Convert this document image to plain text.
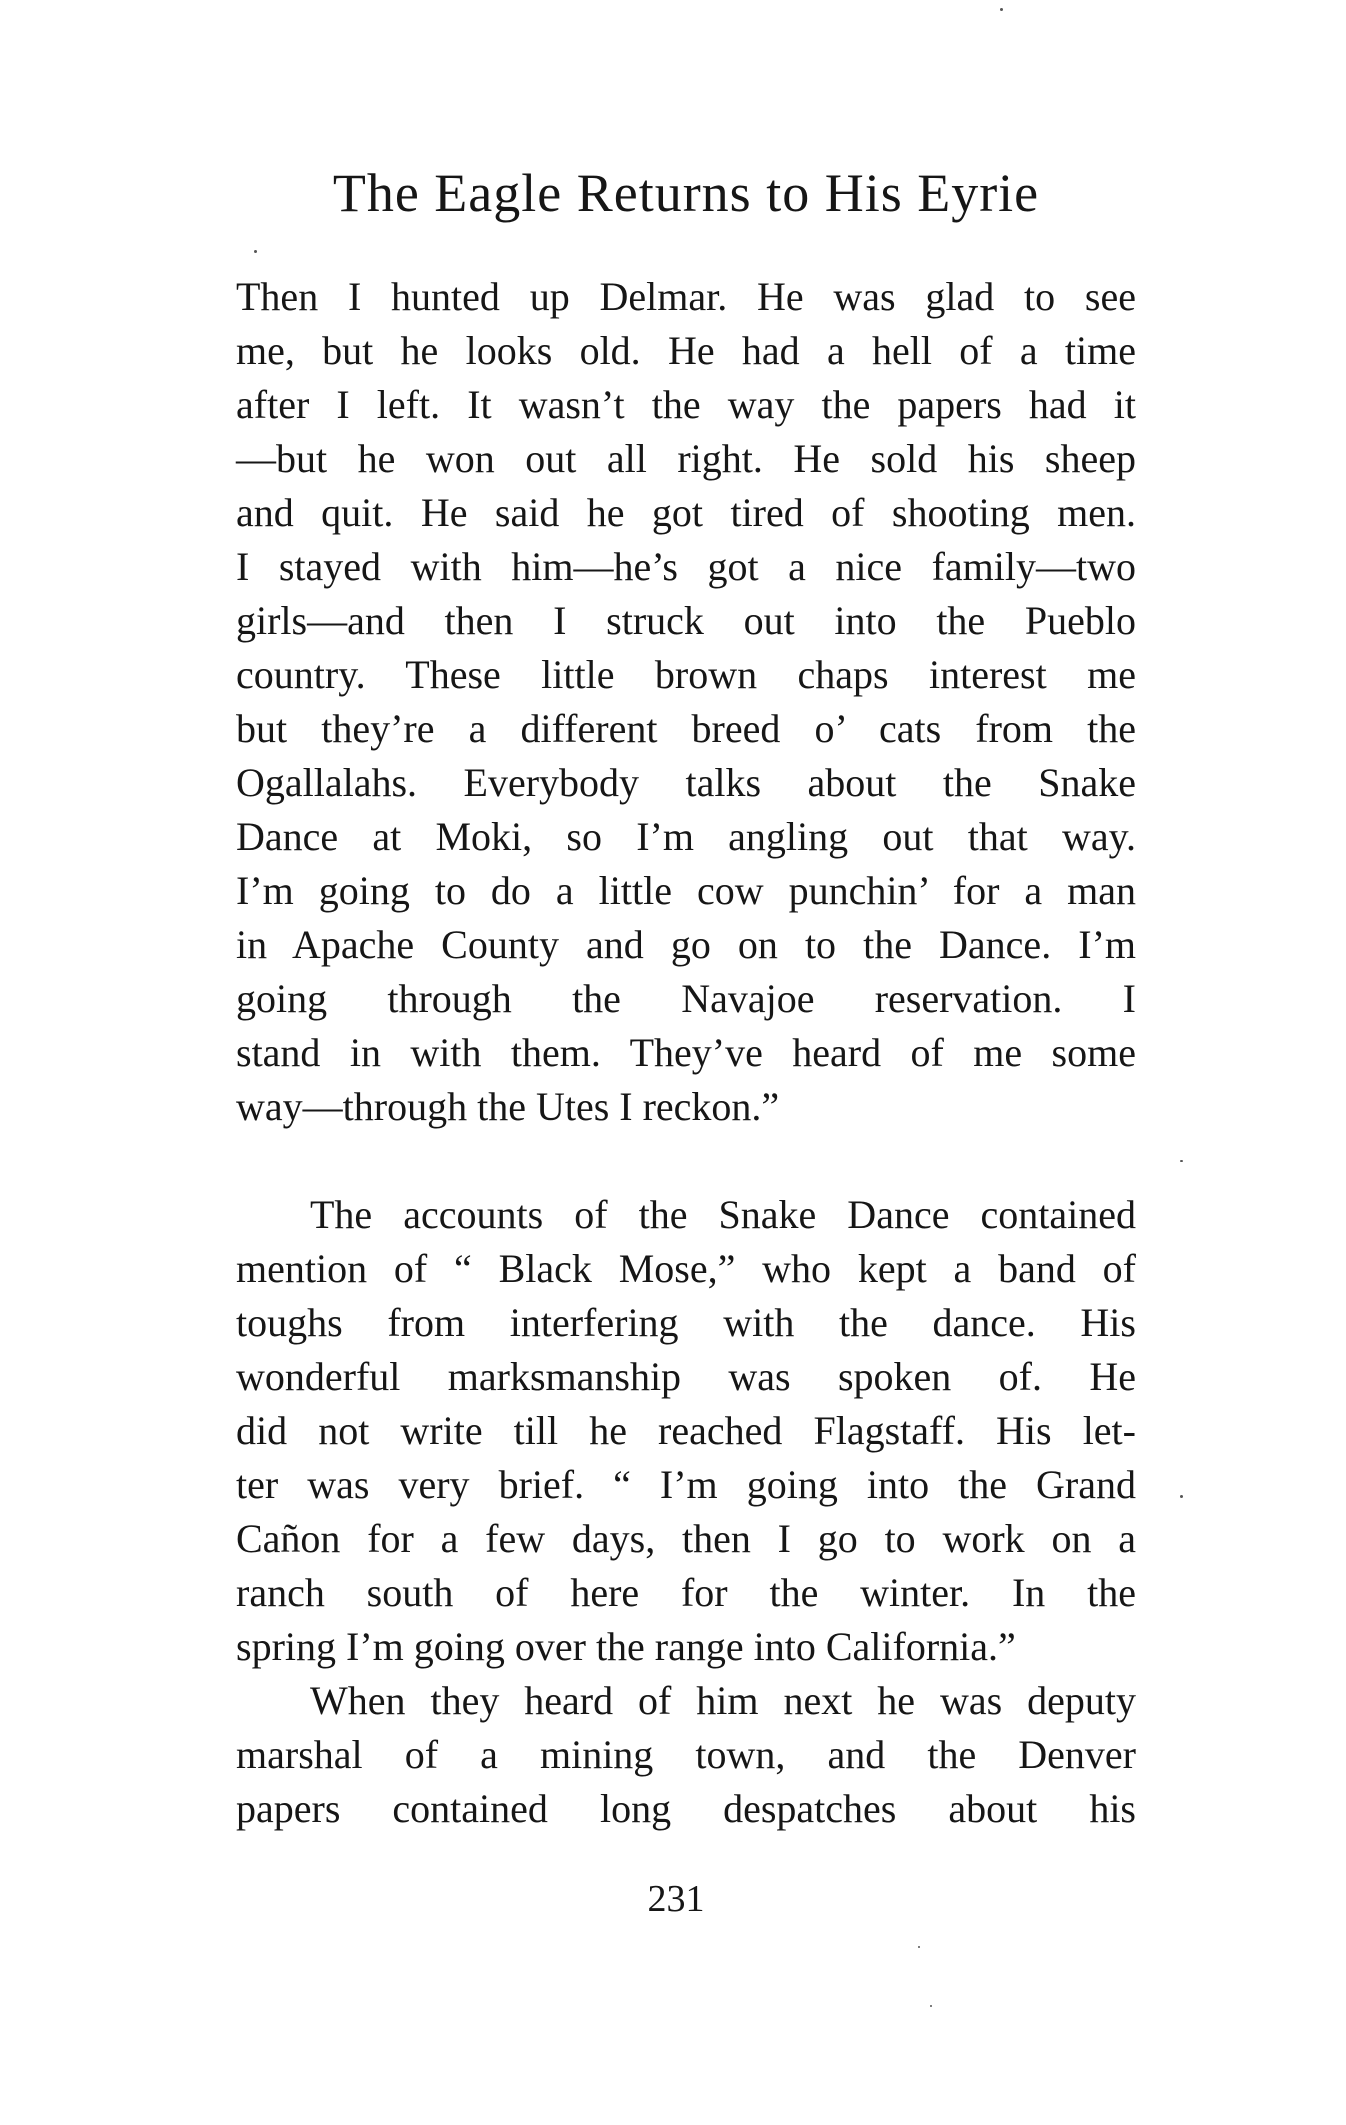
The Eagle Returns to His Eyrie
Then I hunted up Delmar. He was glad to see
me, but he looks old. He had a hell of a time
after I left. It wasn’t the way the papers had it
—but he won out all right. He sold his sheep
and quit. He said he got tired of shooting men.
I stayed with him—he’s got a nice family—two
girls—and then I struck out into the Pueblo
country. These little brown chaps interest me
but they’re a different breed o’ cats from the
Ogallalahs. Everybody talks about the Snake
Dance at Moki, so I’m angling out that way.
I’m going to do a little cow punchin’ for a man
in Apache County and go on to the Dance. I’m
going through the Navajoe reservation. I
stand in with them. They’ve heard of me some
way—through the Utes I reckon.”
The accounts of the Snake Dance contained
mention of “ Black Mose,” who kept a band of
toughs from interfering with the dance. His
wonderful marksmanship was spoken of. He
did not write till he reached Flagstaff. His let-
ter was very brief. “ I’m going into the Grand
Cañon for a few days, then I go to work on a
ranch south of here for the winter. In the
spring I’m going over the range into California.”
When they heard of him next he was deputy
marshal of a mining town, and the Denver
papers contained long despatches about his
231
